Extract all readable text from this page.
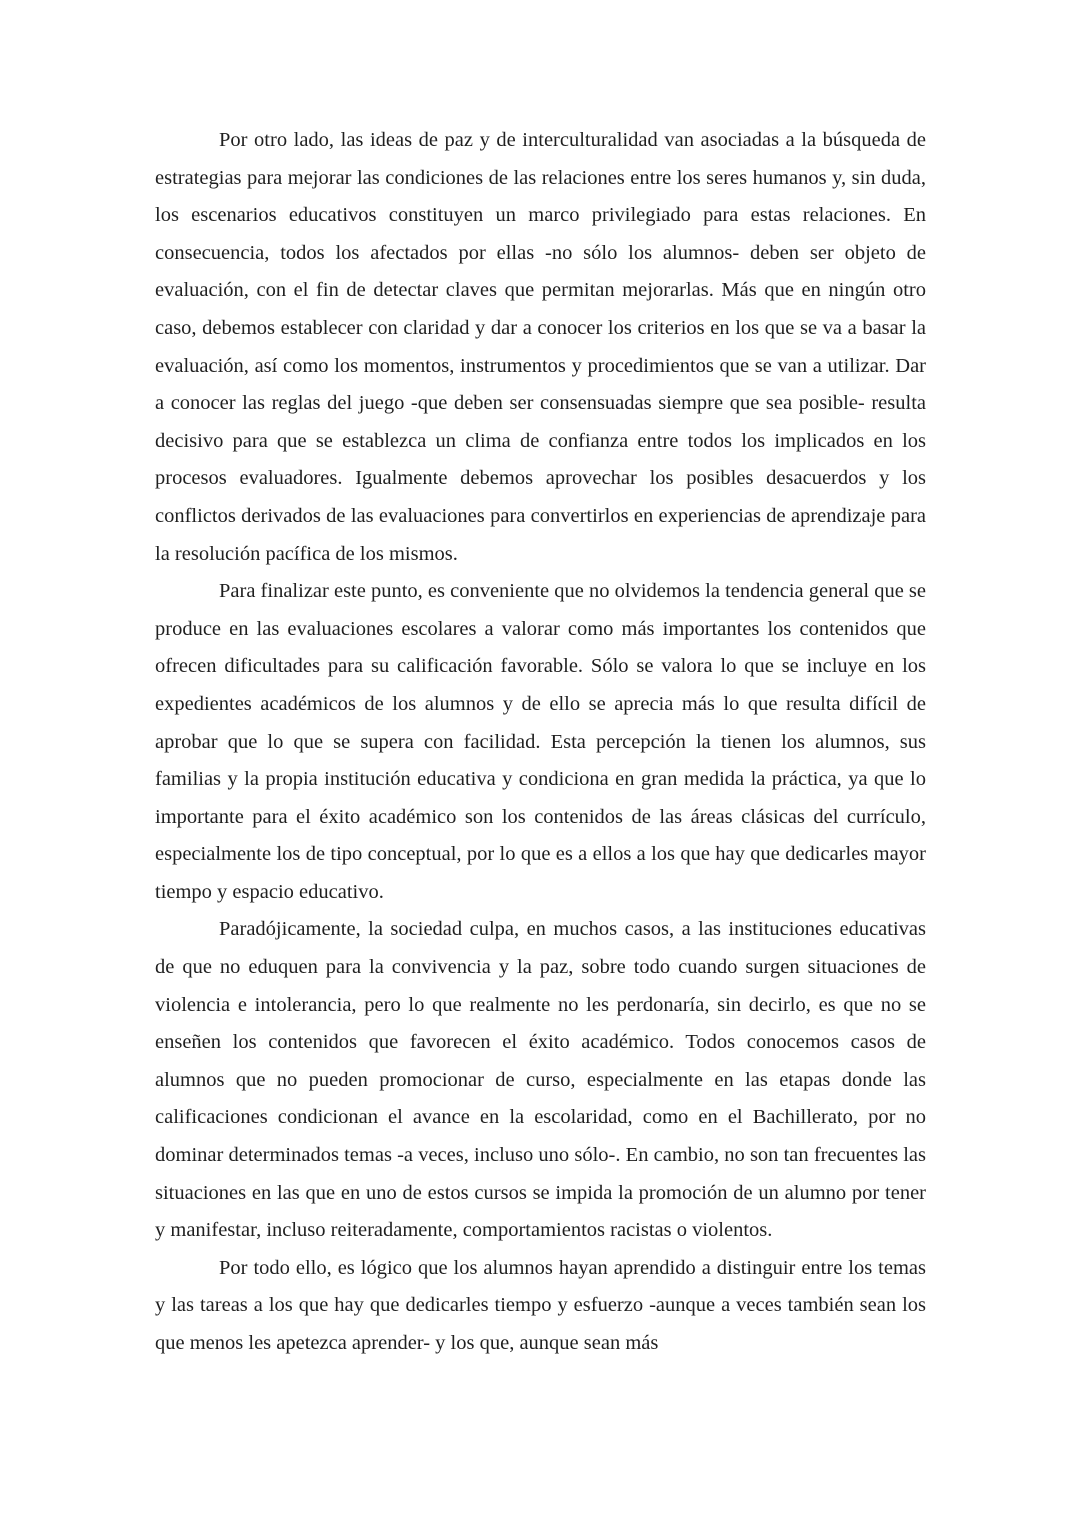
Por otro lado, las ideas de paz y de interculturalidad van asociadas a la búsqueda de estrategias para mejorar las condiciones de las relaciones entre los seres humanos y, sin duda, los escenarios educativos constituyen un marco privilegiado para estas relaciones. En consecuencia, todos los afectados por ellas -no sólo los alumnos- deben ser objeto de evaluación, con el fin de detectar claves que permitan mejorarlas. Más que en ningún otro caso, debemos establecer con claridad y dar a conocer los criterios en los que se va a basar la evaluación, así como los momentos, instrumentos y procedimientos que se van a utilizar. Dar a conocer las reglas del juego -que deben ser consensuadas siempre que sea posible- resulta decisivo para que se establezca un clima de confianza entre todos los implicados en los procesos evaluadores. Igualmente debemos aprovechar los posibles desacuerdos y los conflictos derivados de las evaluaciones para convertirlos en experiencias de aprendizaje para la resolución pacífica de los mismos.

Para finalizar este punto, es conveniente que no olvidemos la tendencia general que se produce en las evaluaciones escolares a valorar como más importantes los contenidos que ofrecen dificultades para su calificación favorable. Sólo se valora lo que se incluye en los expedientes académicos de los alumnos y de ello se aprecia más lo que resulta difícil de aprobar que lo que se supera con facilidad. Esta percepción la tienen los alumnos, sus familias y la propia institución educativa y condiciona en gran medida la práctica, ya que lo importante para el éxito académico son los contenidos de las áreas clásicas del currículo, especialmente los de tipo conceptual, por lo que es a ellos a los que hay que dedicarles mayor tiempo y espacio educativo.

Paradójicamente, la sociedad culpa, en muchos casos, a las instituciones educativas de que no eduquen para la convivencia y la paz, sobre todo cuando surgen situaciones de violencia e intolerancia, pero lo que realmente no les perdonaría, sin decirlo, es que no se enseñen los contenidos que favorecen el éxito académico. Todos conocemos casos de alumnos que no pueden promocionar de curso, especialmente en las etapas donde las calificaciones condicionan el avance en la escolaridad, como en el Bachillerato, por no dominar determinados temas -a veces, incluso uno sólo-. En cambio, no son tan frecuentes las situaciones en las que en uno de estos cursos se impida la promoción de un alumno por tener y manifestar, incluso reiteradamente, comportamientos racistas o violentos.

Por todo ello, es lógico que los alumnos hayan aprendido a distinguir entre los temas y las tareas a los que hay que dedicarles tiempo y esfuerzo -aunque a veces también sean los que menos les apetezca aprender- y los que, aunque sean más
